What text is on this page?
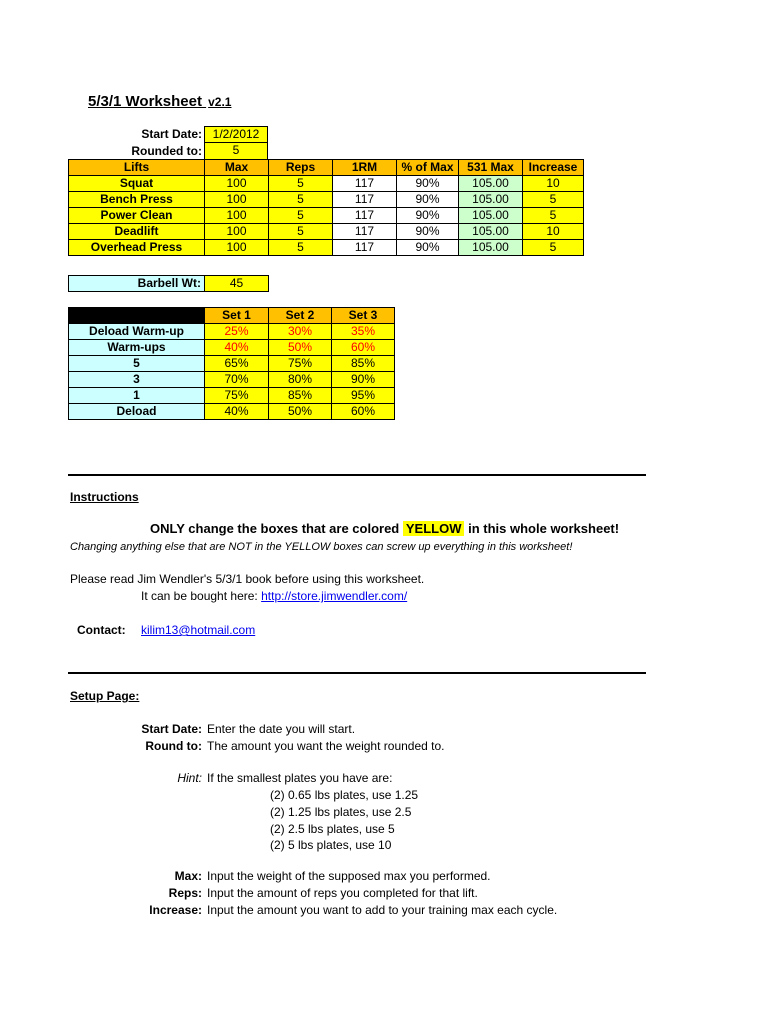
5/3/1 Worksheet v2.1
Start Date: 1/2/2012
Rounded to:	5
Lifts	Max	Reps	1RM	% of Max	531 Max	Increase
Squat	100	5	117	90%	105.00	10
Bench Press	100	5	117	90%	105.00	5
Power Clean	100	5	117	90%	105.00	5
Deadlift	100	5	117	90%	105.00	10
Overhead Press	100	5	117	90%	105.00	5
Barbell Wt:	45
	Set 1	Set 2	Set 3
Deload Warm-up	25%	30%	35%
Warm-ups	40%	50%	60%
5	65%	75%	85%
3	70%	80%	90%
1	75%	85%	95%
Deload	40%	50%	60%
Instructions
ONLY change the boxes that are colored YELLOW in this whole worksheet!
Changing anything else that are NOT in the YELLOW boxes can screw up everything in this worksheet!
Please read Jim Wendler's 5/3/1 book before using this worksheet.
It can be bought here: http://store.jimwendler.com/
Contact: kilim13@hotmail.com
Setup Page:
Start Date: Enter the date you will start.
Round to: The amount you want the weight rounded to.
Hint: If the smallest plates you have are:
(2) 0.65 lbs plates, use 1.25
(2) 1.25 lbs plates, use 2.5
(2) 2.5 lbs plates, use 5
(2) 5 lbs plates, use 10
Max: Input the weight of the supposed max you performed.
Reps: Input the amount of reps you completed for that lift.
Increase: Input the amount you want to add to your training max each cycle.
